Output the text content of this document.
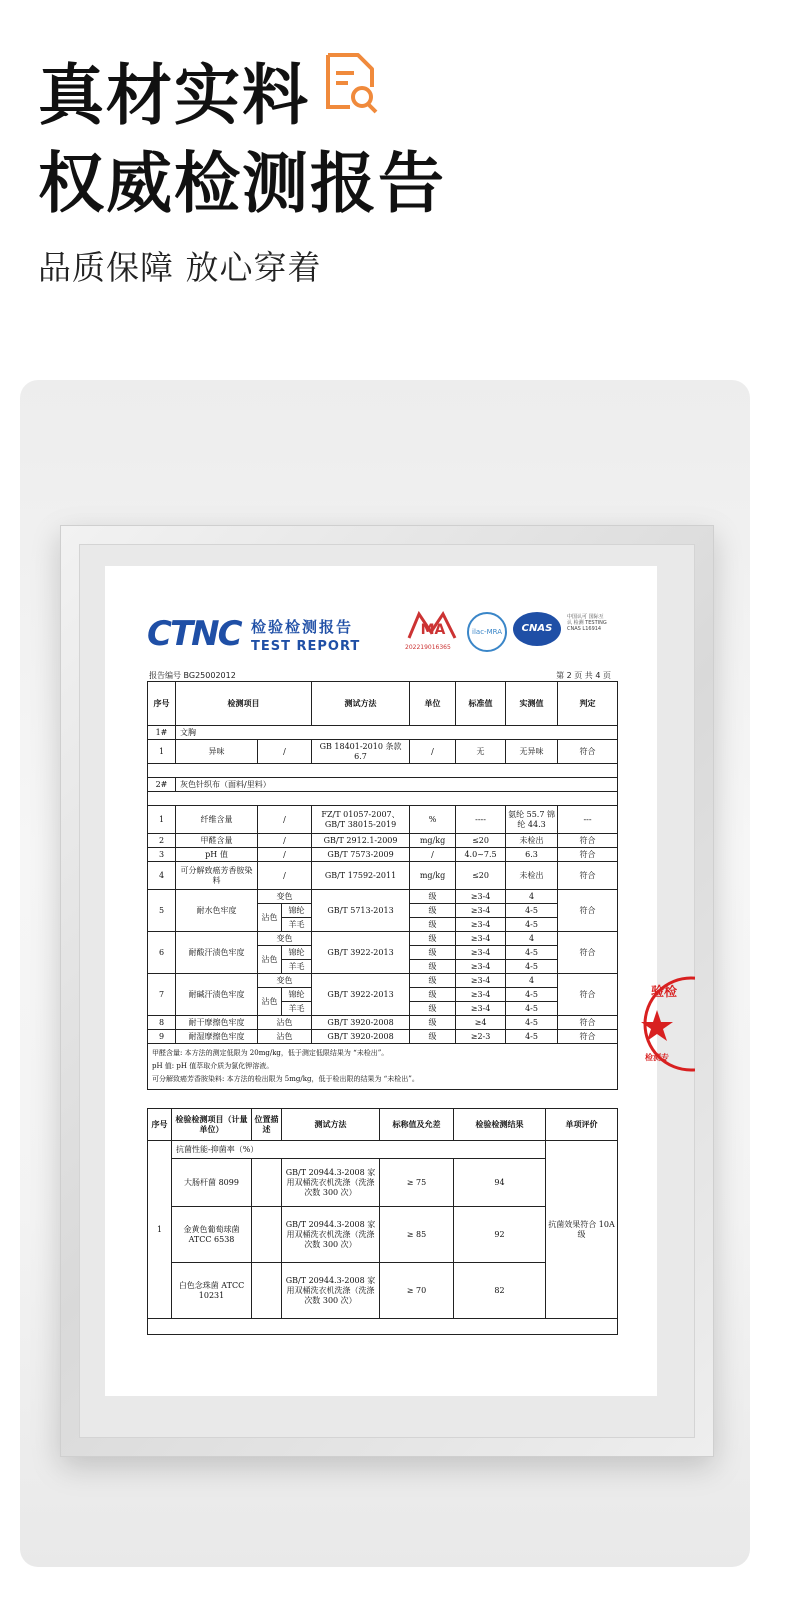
真材实料
权威检测报告
品质保障 放心穿着
CTNC 检验检测报告
TEST REPORT
MA
202219016365
ilac-MRA	CNAS
中国认可 国际互认 检测 TESTING CNAS L16914
报告编号 BG25002012	第 2 页 共 4 页
序号	检测项目			测试方法	单位	标准值	实测值	判定
1#	文胸							
1	异味	/		GB 18401-2010 条款 6.7	/	无	无异味	符合

2#	灰色针织布（面料/里料）							

1	纤维含量	/		FZ/T 01057-2007、GB/T 38015-2019	%	----	氨纶 55.7 锦纶 44.3	---
2	甲醛含量	/		GB/T 2912.1-2009	mg/kg	≤20	未检出	符合
3	pH 值	/		GB/T 7573-2009	/	4.0~7.5	6.3	符合
4	可分解致癌芳香胺染料	/		GB/T 17592-2011	mg/kg	≤20	未检出	符合
5	耐水色牢度	变色		GB/T 5713-2013	级	≥3-4	4	符合
		沾色	锦纶		级	≥3-4	4-5	
			羊毛		级	≥3-4	4-5	
6	耐酸汗渍色牢度	变色		GB/T 3922-2013	级	≥3-4	4	符合
		沾色	锦纶		级	≥3-4	4-5	
			羊毛		级	≥3-4	4-5	
7	耐碱汗渍色牢度	变色		GB/T 3922-2013	级	≥3-4	4	符合
		沾色	锦纶		级	≥3-4	4-5	
			羊毛		级	≥3-4	4-5	
8	耐干摩擦色牢度	沾色		GB/T 3920-2008	级	≥4	4-5	符合
9	耐湿摩擦色牢度	沾色		GB/T 3920-2008	级	≥2-3	4-5	符合

甲醛含量: 本方法的测定低限为 20mg/kg，低于测定低限结果为 “未检出”。
pH 值: pH 值萃取介质为氯化钾溶液。
可分解致癌芳香胺染料: 本方法的检出限为 5mg/kg，低于检出限的结果为 “未检出”。								
序号	检验检测项目（计量单位）	位置描述	测试方法	标称值及允差	检验检测结果	单项评价
1	抗菌性能-抑菌率（%）					抗菌效果符合 10A 级
	大肠杆菌 8099		GB/T 20944.3-2008 家用双桶洗衣机洗涤（洗涤次数 300 次）	≥ 75	94	
	金黄色葡萄球菌 ATCC 6538		GB/T 20944.3-2008 家用双桶洗衣机洗涤（洗涤次数 300 次）	≥ 85	92	
	白色念珠菌 ATCC 10231		GB/T 20944.3-2008 家用双桶洗衣机洗涤（洗涤次数 300 次）	≥ 70	82	

验检
检测专
